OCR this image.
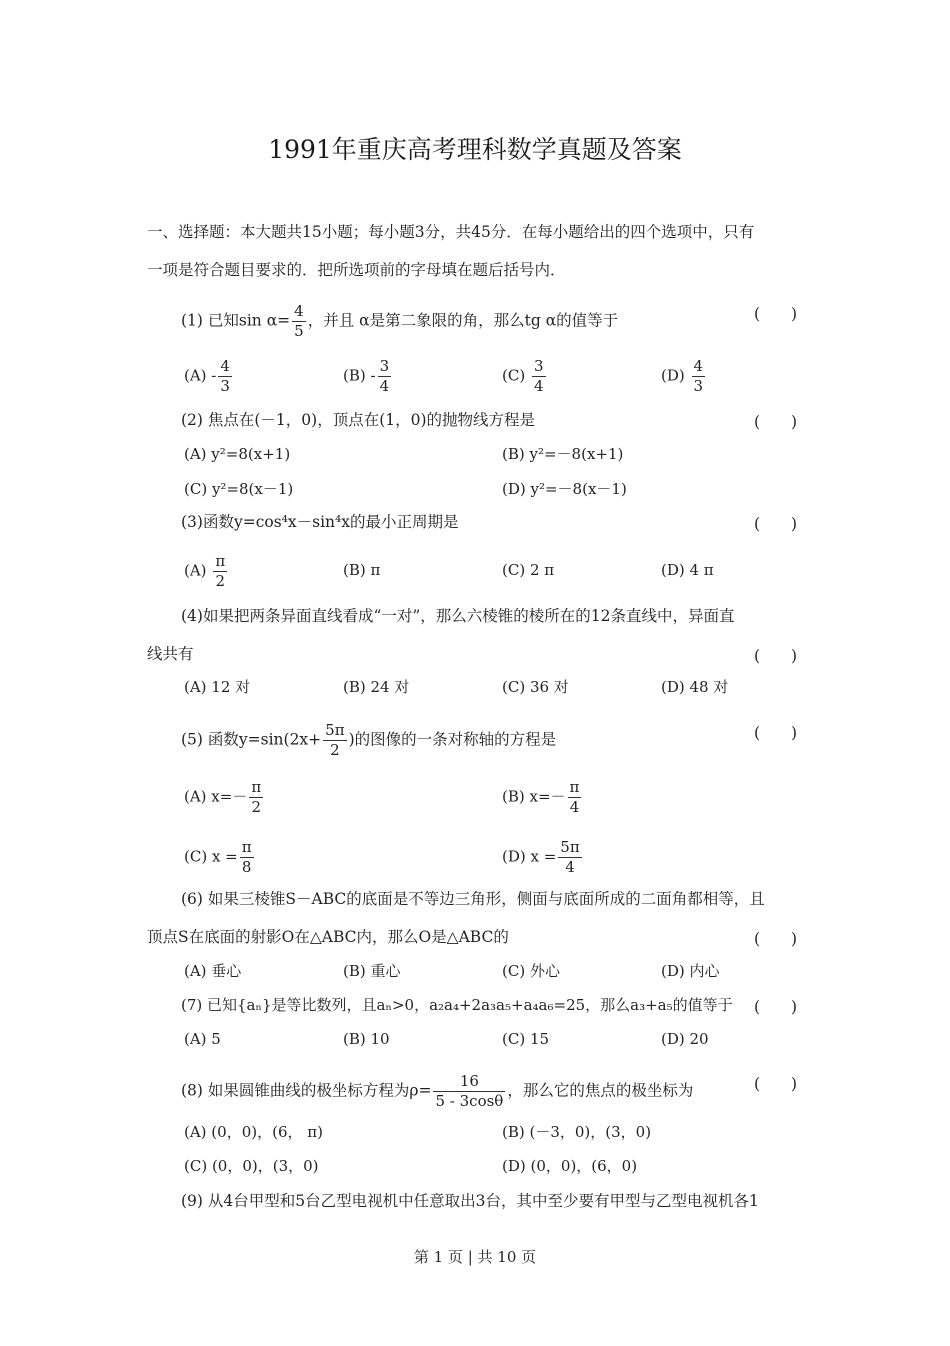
1991年重庆高考理科数学真题及答案
一、选择题：本大题共15小题；每小题3分，共45分．在每小题给出的四个选项中，只有
一项是符合题目要求的．把所选项前的字母填在题后括号内．
(1) 已知$\sin \alpha= \frac{4}{5}$ ，并且 α是第二象限的角，那么tg α的值等于	(　　)
$(A) - \frac{4}{3}$	$(B) - \frac{3}{4}$	$(C) \frac{3}{4}$	$(D) \frac{4}{3}$
(2) 焦点在(－1，0)，顶点在(1，0)的抛物线方程是	(　　)
(A) y²=8(x+1)	(B) y²=－8(x+1)
(C) y²=8(x－1)	(D) y²=－8(x－1)
(3)函数y=cos⁴x－sin⁴x的最小正周期是	(　　)
$(A) \frac{\pi}{2}$	(B) π	(C) 2 π	(D) 4 π
(4)如果把两条异面直线看成“一对”，那么六棱锥的棱所在的12条直线中，异面直
线共有	(　　)
(A) 12 对	(B) 24 对	(C) 36 对	(D) 48 对
(5) 函数$y=\sin(2x+ \frac{5\pi}{2}$ )的图像的一条对称轴的方程是	(　　)
(A) $x=- \frac{\pi}{2}$	(B) $x=- \frac{\pi}{4}$
(C) $x = \frac{\pi}{8}$	(D) $x = \frac{5\pi}{4}$
(6) 如果三棱锥S－ABC的底面是不等边三角形，侧面与底面所成的二面角都相等，且
顶点S在底面的射影O在△ABC内，那么O是△ABC的	(　　)
(A) 垂心	(B) 重心	(C) 外心	(D) 内心
(7) 已知{aₙ}是等比数列，且aₙ>0，a₂a₄+2a₃a₅+a₄a₆=25，那么a₃+a₅的值等于 (　　)
(A) 5	(B) 10	(C) 15	(D) 20
(8) 如果圆锥曲线的极坐标方程为$\rho= \frac{16}{5 - 3\cos\theta}$ ，那么它的焦点的极坐标为	(　　)
(A) (0，0)，(6， π)	(B) (－3，0)，(3，0)
(C) (0，0)，(3，0)	(D) (0，0)，(6，0)
(9) 从4台甲型和5台乙型电视机中任意取出3台，其中至少要有甲型与乙型电视机各1
第 1 页 | 共 10 页
